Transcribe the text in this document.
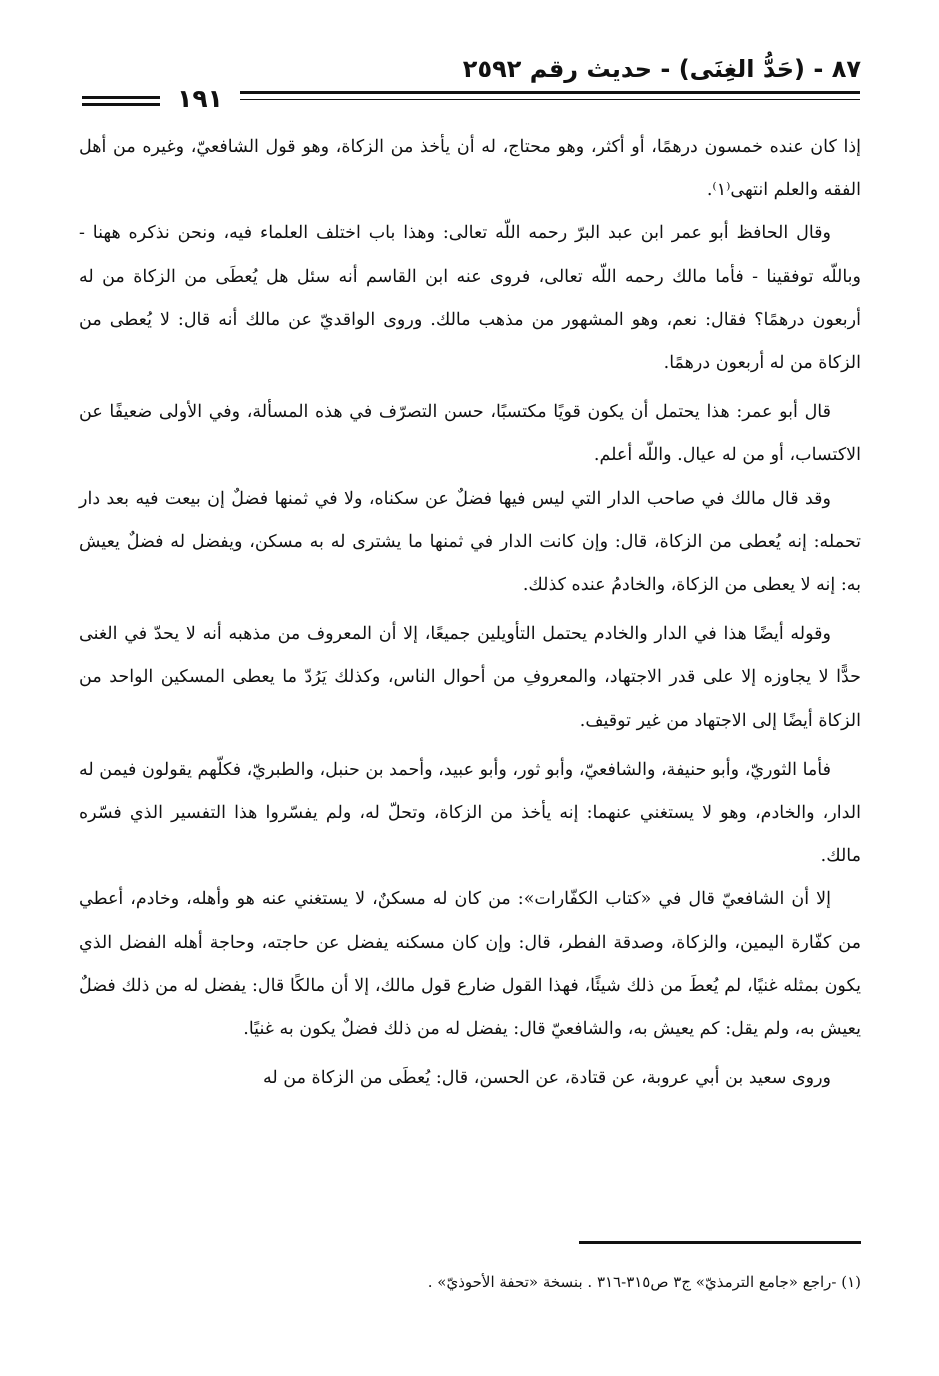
٨٧ - (حَدُّ الغِنَى) - حديث رقم ٢٥٩٢
١٩١

إذا كان عنده خمسون درهمًا، أو أكثر، وهو محتاج، له أن يأخذ من الزكاة، وهو قول الشافعيّ، وغيره من أهل الفقه والعلم انتهى⁽١⁾.

وقال الحافظ أبو عمر ابن عبد البرّ رحمه اللّه تعالى: وهذا باب اختلف العلماء فيه، ونحن نذكره ههنا - وباللّه توفقينا - فأما مالك رحمه اللّه تعالى، فروى عنه ابن القاسم أنه سئل هل يُعطَى من الزكاة من له أربعون درهمًا؟ فقال: نعم، وهو المشهور من مذهب مالك. وروى الواقديّ عن مالك أنه قال: لا يُعطى من الزكاة من له أربعون درهمًا.

قال أبو عمر: هذا يحتمل أن يكون قويًا مكتسبًا، حسن التصرّف في هذه المسألة، وفي الأولى ضعيفًا عن الاكتساب، أو من له عيال. واللّه أعلم.

وقد قال مالك في صاحب الدار التي ليس فيها فضلٌ عن سكناه، ولا في ثمنها فضلٌ إن بيعت فيه بعد دار تحمله: إنه يُعطى من الزكاة، قال: وإن كانت الدار في ثمنها ما يشترى له به مسكن، ويفضل له فضلٌ يعيش به: إنه لا يعطى من الزكاة، والخادمُ عنده كذلك.

وقوله أيضًا هذا في الدار والخادم يحتمل التأويلين جميعًا، إلا أن المعروف من مذهبه أنه لا يحدّ في الغنى حدًّا لا يجاوزه إلا على قدر الاجتهاد، والمعروفِ من أحوال الناس، وكذلك يَرُدّ ما يعطى المسكين الواحد من الزكاة أيضًا إلى الاجتهاد من غير توقيف.

فأما الثوريّ، وأبو حنيفة، والشافعيّ، وأبو ثور، وأبو عبيد، وأحمد بن حنبل، والطبريّ، فكلّهم يقولون فيمن له الدار، والخادم، وهو لا يستغني عنهما: إنه يأخذ من الزكاة، وتحلّ له، ولم يفسّروا هذا التفسير الذي فسّره مالك.

إلا أن الشافعيّ قال في «كتاب الكفّارات»: من كان له مسكنٌ، لا يستغني عنه هو وأهله، وخادم، أعطي من كفّارة اليمين، والزكاة، وصدقة الفطر، قال: وإن كان مسكنه يفضل عن حاجته، وحاجة أهله الفضل الذي يكون بمثله غنيًا، لم يُعطَ من ذلك شيئًا، فهذا القول ضارع قول مالك، إلا أن مالكًا قال: يفضل له من ذلك فضلٌ يعيش به، ولم يقل: كم يعيش به، والشافعيّ قال: يفضل له من ذلك فضلٌ يكون به غنيًا.

وروى سعيد بن أبي عروبة، عن قتادة، عن الحسن، قال: يُعطَى من الزكاة من له

(١) -راجع «جامع الترمذيّ» ج٣ ص٣١٥-٣١٦ . بنسخة «تحفة الأحوذيّ» .
